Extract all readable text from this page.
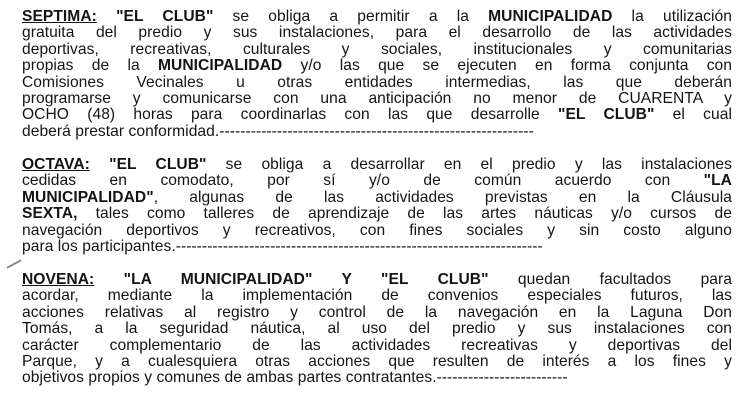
SÉPTIMA: "EL CLUB" se obliga a permitir a la MUNICIPALIDAD la utilización
gratuita del predio y sus instalaciones, para el desarrollo de las actividades
deportivas, recreativas, culturales y sociales, institucionales y comunitarias
propias de la MUNICIPALIDAD y/o las que se ejecuten en forma conjunta con
Comisiones Vecinales u otras entidades intermedias, las que deberán
programarse y comunicarse con una anticipación no menor de CUARENTA y
OCHO (48) horas para coordinarlas con las que desarrolle "EL CLUB" el cual
deberá prestar conformidad.------------------------------------------------------------
OCTAVA: "EL CLUB" se obliga a desarrollar en el predio y las instalaciones
cedidas en comodato, por sí y/o de común acuerdo con "LA
MUNICIPALIDAD", algunas de las actividades previstas en la Cláusula
SEXTA, tales como talleres de aprendizaje de las artes náuticas y/o cursos de
navegación deportivos y recreativos, con fines sociales y sin costo alguno
para los participantes.----------------------------------------------------------------------
NOVENA: "LA MUNICIPALIDAD" Y "EL CLUB" quedan facultados para
acordar, mediante la implementación de convenios especiales futuros, las
acciones relativas al registro y control de la navegación en la Laguna Don
Tomás, a la seguridad náutica, al uso del predio y sus instalaciones con
carácter complementario de las actividades recreativas y deportivas del
Parque, y a cualesquiera otras acciones que resulten de interés a los fines y
objetivos propios y comunes de ambas partes contratantes.-------------------------
